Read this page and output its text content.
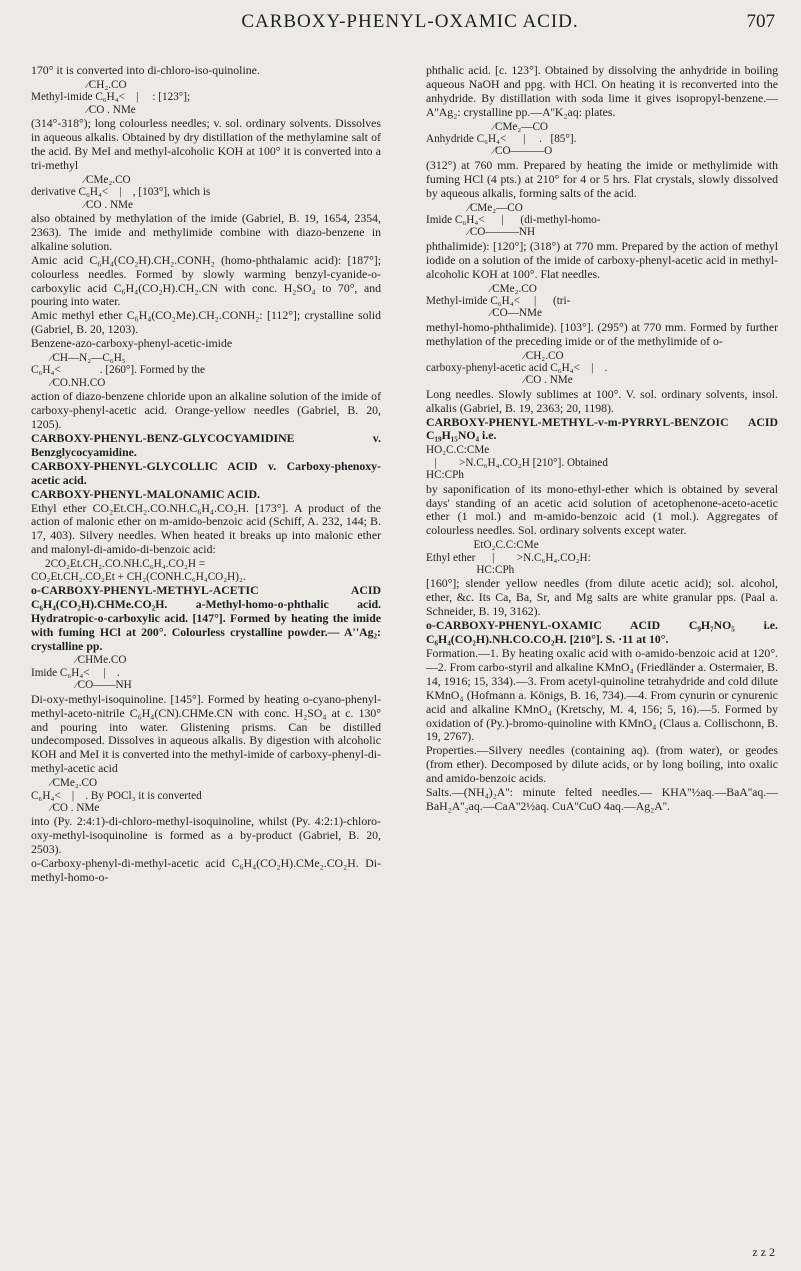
CARBOXY-PHENYL-OXAMIC ACID.	707

170° it is converted into di-chloro-iso-quinoline.

⁄CH₂.CO
Methyl-imide C₆H₄<    |     : [123°];
⁄CO . NMe

(314°-318°); long colourless needles; v. sol. ordinary solvents. Dissolves in aqueous alkalis. Obtained by dry distillation of the methylamine salt of the acid. By MeI and methyl-alcoholic KOH at 100° it is converted into a tri-methyl

⁄CMe₂.CO
derivative C₆H₄<    |    , [103°], which is
⁄CO . NMe

also obtained by methylation of the imide (Gabriel, B. 19, 1654, 2354, 2363). The imide and methylimide combine with diazo-benzene in alkaline solution.

Amic acid C₆H₄(CO₂H).CH₂.CONH₂ (homo-phthalamic acid): [187°]; colourless needles. Formed by slowly warming benzyl-cyanide-o-carboxylic acid C₆H₄(CO₂H).CH₂.CN with conc. H₂SO₄ to 70°, and pouring into water.

Amic methyl ether C₆H₄(CO₂Me).CH₂.CONH₂: [112°]; crystalline solid (Gabriel, B. 20, 1203).

Benzene-azo-carboxy-phenyl-acetic-imide

⁄CH—N₂—C₆H₅
C₆H₄<              . [260°]. Formed by the
⁄CO.NH.CO

action of diazo-benzene chloride upon an alkaline solution of the imide of carboxy-phenyl-acetic acid. Orange-yellow needles (Gabriel, B. 20, 1205).

CARBOXY-PHENYL-BENZ-GLYCOCYAMIDINE v. Benzglycocyamidine.

CARBOXY-PHENYL-GLYCOLLIC ACID v. Carboxy-phenoxy-acetic acid.

CARBOXY-PHENYL-MALONAMIC ACID.

Ethyl ether CO₂Et.CH₂.CO.NH.C₆H₄.CO₂H. [173°]. A product of the action of malonic ether on m-amido-benzoic acid (Schiff, A. 232, 144; B. 17, 403). Silvery needles. When heated it breaks up into malonic ether and malonyl-di-amido-di-benzoic acid:

2CO₂Et.CH₂.CO.NH.C₆H₄.CO₂H =
CO₂Et.CH₂.CO₂Et + CH₂(CONH.C₆H₄CO₂H)₂.

o-CARBOXY-PHENYL-METHYL-ACETIC ACID C₆H₄(CO₂H).CHMe.CO₂H. a-Methyl-homo-o-phthalic acid. Hydratropic-o-carboxylic acid. [147°]. Formed by heating the imide with fuming HCl at 200°. Colourless crystalline powder.— A''Ag₂: crystalline pp.

⁄CHMe.CO
Imide C₆H₄<     |    .
⁄CO——NH

Di-oxy-methyl-isoquinoline. [145°]. Formed by heating o-cyano-phenyl-methyl-aceto-nitrile C₆H₄(CN).CHMe.CN with conc. H₂SO₄ at c. 130° and pouring into water. Glistening prisms. Can be distilled undecomposed. Dissolves in aqueous alkalis. By digestion with alcoholic KOH and MeI it is converted into the methyl-imide of carboxy-phenyl-di-methyl-acetic acid

⁄CMe₂.CO
C₆H₄<    |    . By POCl₃ it is converted
⁄CO . NMe

into (Py. 2:4:1)-di-chloro-methyl-isoquinoline, whilst (Py. 4:2:1)-chloro-oxy-methyl-isoquinoline is formed as a by-product (Gabriel, B. 20, 2503).

o-Carboxy-phenyl-di-methyl-acetic acid C₆H₄(CO₂H).CMe₂.CO₂H. Di-methyl-homo-o-

phthalic acid. [c. 123°]. Obtained by dissolving the anhydride in boiling aqueous NaOH and ppg. with HCl. On heating it is reconverted into the anhydride. By distillation with soda lime it gives isopropyl-benzene.—A''Ag₂: crystalline pp.—A''K₂aq: plates.

⁄CMe₂—CO
Anhydride C₆H₄<      |     .   [85°].
⁄CO———O

(312°) at 760 mm. Prepared by heating the imide or methylimide with fuming HCl (4 pts.) at 210° for 4 or 5 hrs. Flat crystals, slowly dissolved by aqueous alkalis, forming salts of the acid.

⁄CMe₂—CO
Imide C₆H₄<      |      (di-methyl-homo-
⁄CO———NH

phthalimide): [120°]; (318°) at 770 mm. Prepared by the action of methyl iodide on a solution of the imide of carboxy-phenyl-acetic acid in methyl-alcoholic KOH at 100°. Flat needles.

⁄CMe₂.CO
Methyl-imide C₆H₄<     |      (tri-
⁄CO—NMe

methyl-homo-phthalimide). [103°]. (295°) at 770 mm. Formed by further methylation of the preceding imide or of the methylimide of o-

⁄CH₂.CO
carboxy-phenyl-acetic acid C₆H₄<    |    .
⁄CO . NMe

Long needles. Slowly sublimes at 100°. V. sol. ordinary solvents, insol. alkalis (Gabriel, B. 19, 2363; 20, 1198).

CARBOXY-PHENYL-METHYL-v-m-PYRRYL-BENZOIC ACID C₁₉H₁₅NO₄ i.e.

HO₂C.C:CMe
|        >N.C₆H₄.CO₂H [210°]. Obtained
HC:CPh

by saponification of its mono-ethyl-ether which is obtained by several days' standing of an acetic acid solution of acetophenone-aceto-acetic ether (1 mol.) and m-amido-benzoic acid (1 mol.). Aggregates of colourless needles. Sol. ordinary solvents except water.

EtO₂C.C:CMe
Ethyl ether      |        >N.C₆H₄.CO₂H:
HC:CPh

[160°]; slender yellow needles (from dilute acetic acid); sol. alcohol, ether, &c. Its Ca, Ba, Sr, and Mg salts are white granular pps. (Paal a. Schneider, B. 19, 3162).

o-CARBOXY-PHENYL-OXAMIC ACID C₉H₇NO₅ i.e. C₆H₄(CO₂H).NH.CO.CO₂H. [210°]. S. ·11 at 10°.

Formation.—1. By heating oxalic acid with o-amido-benzoic acid at 120°.—2. From carbo-styril and alkaline KMnO₄ (Friedländer a. Ostermaier, B. 14, 1916; 15, 334).—3. From acetyl-quinoline tetrahydride and cold dilute KMnO₄ (Hofmann a. Königs, B. 16, 734).—4. From cynurin or cynurenic acid and alkaline KMnO₄ (Kretschy, M. 4, 156; 5, 16).—5. Formed by oxidation of (Py.)-bromo-quinoline with KMnO₄ (Claus a. Collischonn, B. 19, 2767).

Properties.—Silvery needles (containing aq). (from water), or geodes (from ether). Decomposed by dilute acids, or by long boiling, into oxalic and amido-benzoic acids.

Salts.—(NH₄)₂A'': minute felted needles.— KHA''½aq.—BaA''aq.—BaH₂A''₂aq.—CaA''2½aq. CuA''CuO 4aq.—Ag₂A''.

z z 2
